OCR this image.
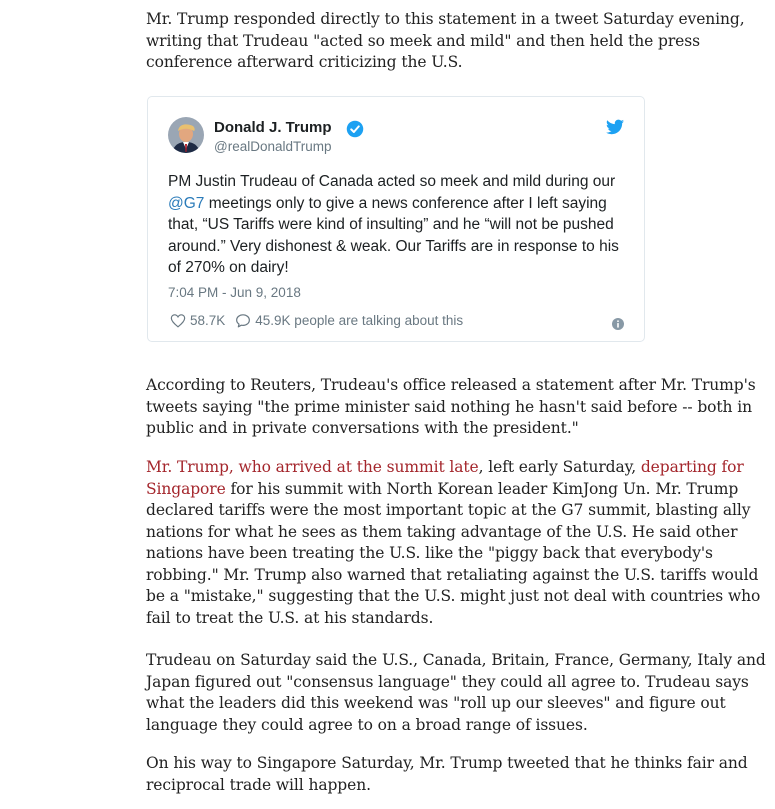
Mr. Trump responded directly to this statement in a tweet Saturday evening, writing that Trudeau "acted so meek and mild" and then held the press conference afterward criticizing the U.S.

Donald J. Trump
@realDonaldTrump

PM Justin Trudeau of Canada acted so meek and mild during our @G7 meetings only to give a news conference after I left saying that, “US Tariffs were kind of insulting” and he “will not be pushed around.” Very dishonest & weak. Our Tariffs are in response to his of 270% on dairy!

7:04 PM - Jun 9, 2018
58.7K 45.9K people are talking about this

According to Reuters, Trudeau's office released a statement after Mr. Trump's tweets saying "the prime minister said nothing he hasn't said before -- both in public and in private conversations with the president."

Mr. Trump, who arrived at the summit late, left early Saturday, departing for Singapore for his summit with North Korean leader KimJong Un. Mr. Trump declared tariffs were the most important topic at the G7 summit, blasting ally nations for what he sees as them taking advantage of the U.S. He said other nations have been treating the U.S. like the "piggy back that everybody's robbing." Mr. Trump also warned that retaliating against the U.S. tariffs would be a "mistake," suggesting that the U.S. might just not deal with countries who fail to treat the U.S. at his standards.

Trudeau on Saturday said the U.S., Canada, Britain, France, Germany, Italy and Japan figured out "consensus language" they could all agree to. Trudeau says what the leaders did this weekend was "roll up our sleeves" and figure out language they could agree to on a broad range of issues.

On his way to Singapore Saturday, Mr. Trump tweeted that he thinks fair and reciprocal trade will happen.
